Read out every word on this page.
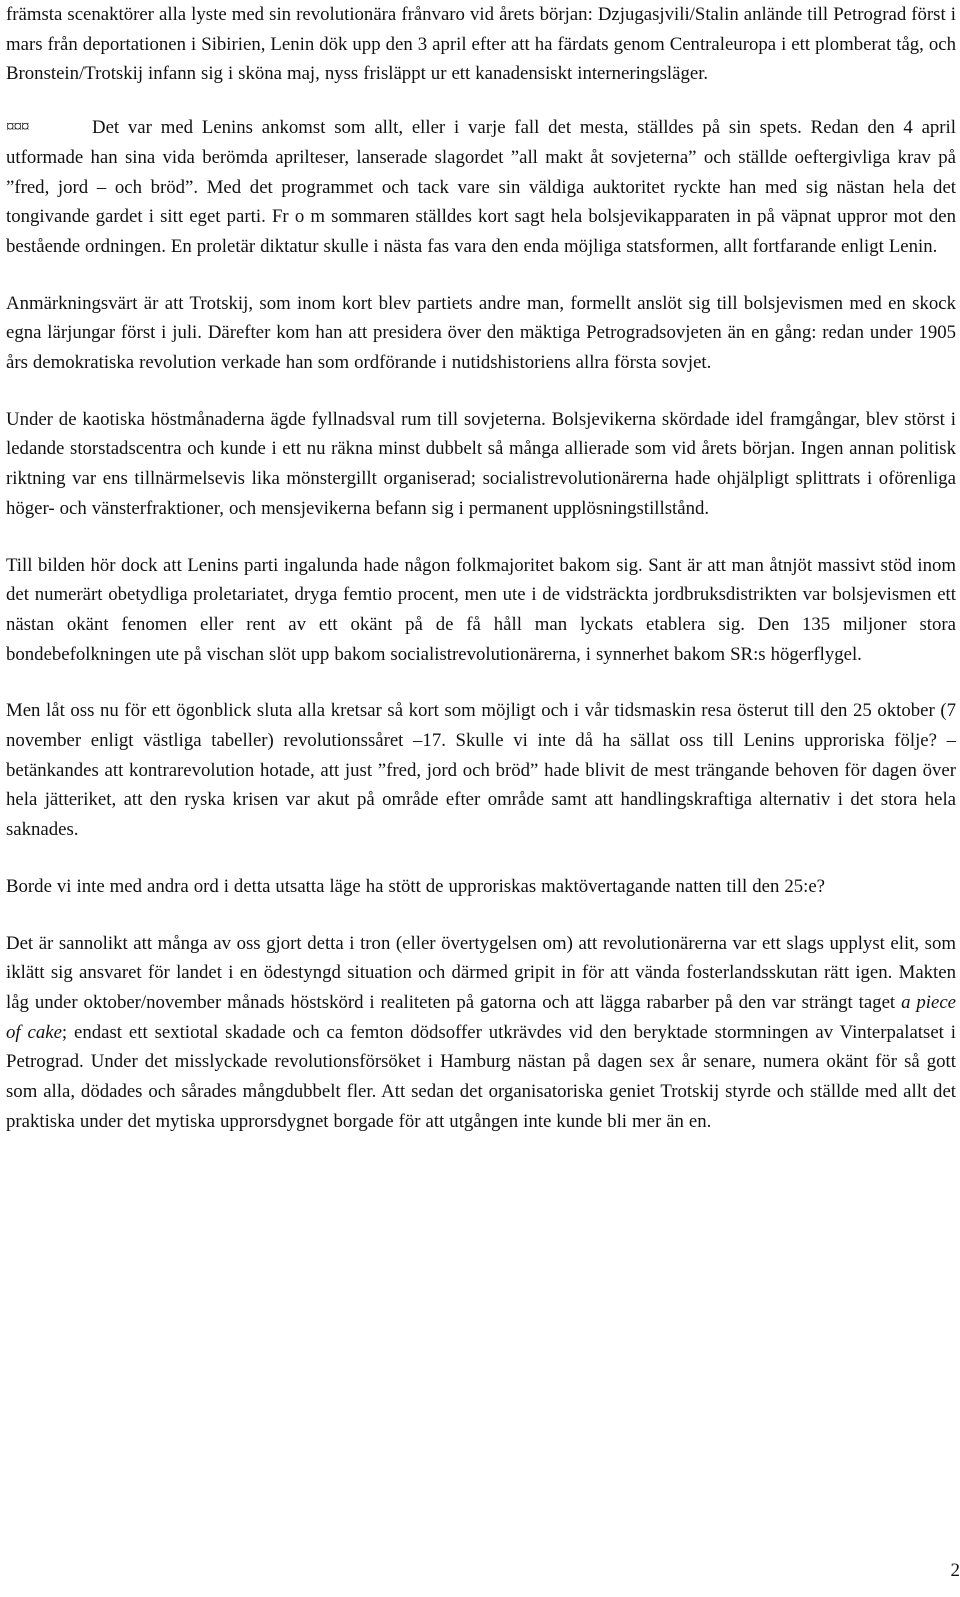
främsta scenaktörer alla lyste med sin revolutionära frånvaro vid årets början: Dzjugasjvili/Stalin anlände till Petrograd först i mars från deportationen i Sibirien, Lenin dök upp den 3 april efter att ha färdats genom Centraleuropa i ett plomberat tåg, och Bronstein/Trotskij infann sig i sköna maj, nyss frisläppt ur ett kanadensiskt interneringsläger.

¤¤¤	Det var med Lenins ankomst som allt, eller i varje fall det mesta, ställdes på sin spets. Redan den 4 april utformade han sina vida berömda aprilteser, lanserade slagordet ”all makt åt sovjeterna” och ställde oeftergivliga krav på ”fred, jord – och bröd”. Med det programmet och tack vare sin väldiga auktoritet ryckte han med sig nästan hela det tongivande gardet i sitt eget parti. Fr o m sommaren ställdes kort sagt hela bolsjevikapparaten in på väpnat uppror mot den bestående ordningen. En proletär diktatur skulle i nästa fas vara den enda möjliga statsformen, allt fortfarande enligt Lenin.

Anmärkningsvärt är att Trotskij, som inom kort blev partiets andre man, formellt anslöt sig till bolsjevismen med en skock egna lärjungar först i juli. Därefter kom han att presidera över den mäktiga Petrogradsovjeten än en gång: redan under 1905 års demokratiska revolution verkade han som ordförande i nutidshistoriens allra första sovjet.

Under de kaotiska höstmånaderna ägde fyllnadsval rum till sovjeterna. Bolsjevikerna skördade idel framgångar, blev störst i ledande storstadscentra och kunde i ett nu räkna minst dubbelt så många allierade som vid årets början. Ingen annan politisk riktning var ens tillnärmelsevis lika mönstergillt organiserad; socialistrevolutionärerna hade ohjälpligt splittrats i oförenliga höger- och vänsterfraktioner, och mensjevikerna befann sig i permanent upplösningstillstånd.

Till bilden hör dock att Lenins parti ingalunda hade någon folkmajoritet bakom sig. Sant är att man åtnjöt massivt stöd inom det numerärt obetydliga proletariatet, dryga femtio procent, men ute i de vidsträckta jordbruksdistrikten var bolsjevismen ett nästan okänt fenomen eller rent av ett okänt på de få håll man lyckats etablera sig. Den 135 miljoner stora bondebefolkningen ute på vischan slöt upp bakom socialistrevolutionärerna, i synnerhet bakom SR:s högerflygel.

Men låt oss nu för ett ögonblick sluta alla kretsar så kort som möjligt och i vår tidsmaskin resa österut till den 25 oktober (7 november enligt västliga tabeller) revolutionssåret –17. Skulle vi inte då ha sällat oss till Lenins upproriska följe? – betänkandes att kontrarevolution hotade, att just ”fred, jord och bröd” hade blivit de mest trängande behoven för dagen över hela jätteriket, att den ryska krisen var akut på område efter område samt att handlingskraftiga alternativ i det stora hela saknades.

Borde vi inte med andra ord i detta utsatta läge ha stött de upproriskas maktövertagande natten till den 25:e?

Det är sannolikt att många av oss gjort detta i tron (eller övertygelsen om) att revolutionärerna var ett slags upplyst elit, som iklätt sig ansvaret för landet i en ödestyngd situation och därmed gripit in för att vända fosterlandsskutan rätt igen. Makten låg under oktober/november månads höstskörd i realiteten på gatorna och att lägga rabarber på den var strängt taget a piece of cake; endast ett sextiotal skadade och ca femton dödsoffer utkrävdes vid den beryktade stormningen av Vinterpalatset i Petrograd. Under det misslyckade revolutionsförsöket i Hamburg nästan på dagen sex år senare, numera okänt för så gott som alla, dödades och sårades mångdubbelt fler. Att sedan det organisatoriska geniet Trotskij styrde och ställde med allt det praktiska under det mytiska upprorsdygnet borgade för att utgången inte kunde bli mer än en.

2
